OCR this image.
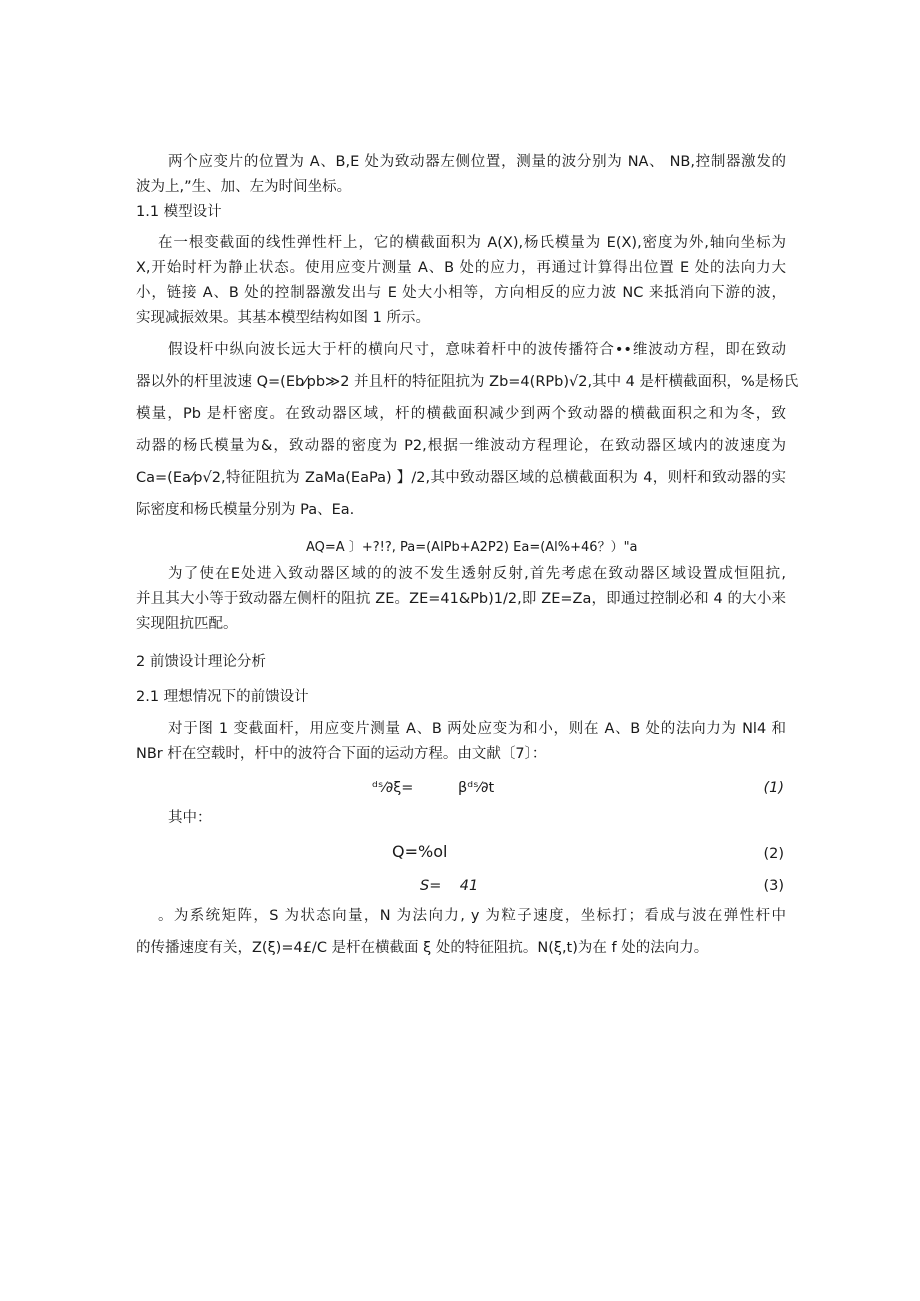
两个应变片的位置为 A、B,E 处为致动器左侧位置，测量的波分别为 NA、 NB,控制器激发的
波为上,”生、加、左为时间坐标。
1.1 模型设计
在一根变截面的线性弹性杆上，它的横截面积为 A(X),杨氏模量为 E(X),密度为外,轴向坐标为
X,开始时杆为静止状态。使用应变片测量 A、B 处的应力，再通过计算得出位置 E 处的法向力大
小，链接 A、B 处的控制器激发出与 E 处大小相等，方向相反的应力波 NC 来抵消向下游的波，
实现减振效果。其基本模型结构如图 1 所示。
假设杆中纵向波长远大于杆的横向尺寸，意味着杆中的波传播符合••维波动方程，即在致动
器以外的杆里波速 Q=(Eb⁄pb≫2 并且杆的特征阻抗为 Zb=4(RPb)√2,其中 4 是杆横截面积，%是杨氏
模量，Pb 是杆密度。在致动器区域，杆的横截面积减少到两个致动器的横截面积之和为冬，致
动器的杨氏模量为&，致动器的密度为 P2,根据一维波动方程理论，在致动器区域内的波速度为
Ca=(Ea⁄p√2,特征阻抗为 ZaMa(EaPa) 】/2,其中致动器区域的总横截面积为 4，则杆和致动器的实
际密度和杨氏模量分别为 Pa、Ea.
AQ=A 〕+?!?, Pa=(AlPb+A2P2) Ea=(Al%+46？）"a
为了使在E处进入致动器区域的的波不发生透射反射,首先考虑在致动器区域设置成恒阻抗,
并且其大小等于致动器左侧杆的阻抗 ZE。ZE=41&Pb)1/2,即 ZE=Za，即通过控制必和 4 的大小来
实现阻抗匹配。
2 前馈设计理论分析
2.1 理想情况下的前馈设计
对于图 1 变截面杆，用应变片测量 A、B 两处应变为和小，则在 A、B 处的法向力为 Nl4 和
NBr 杆在空载时，杆中的波符合下面的运动方程。由文献〔7〕：
ᵈˢ⁄∂ξ=	βᵈˢ⁄∂t	(1)
其中：
Q=%ol	(2)
S=    41	(3)
。为系统矩阵，S 为状态向量，N 为法向力, y 为粒子速度，坐标打；看成与波在弹性杆中
的传播速度有关，Z(ξ)=4£/C 是杆在横截面 ξ 处的特征阻抗。N(ξ,t)为在 f 处的法向力。
